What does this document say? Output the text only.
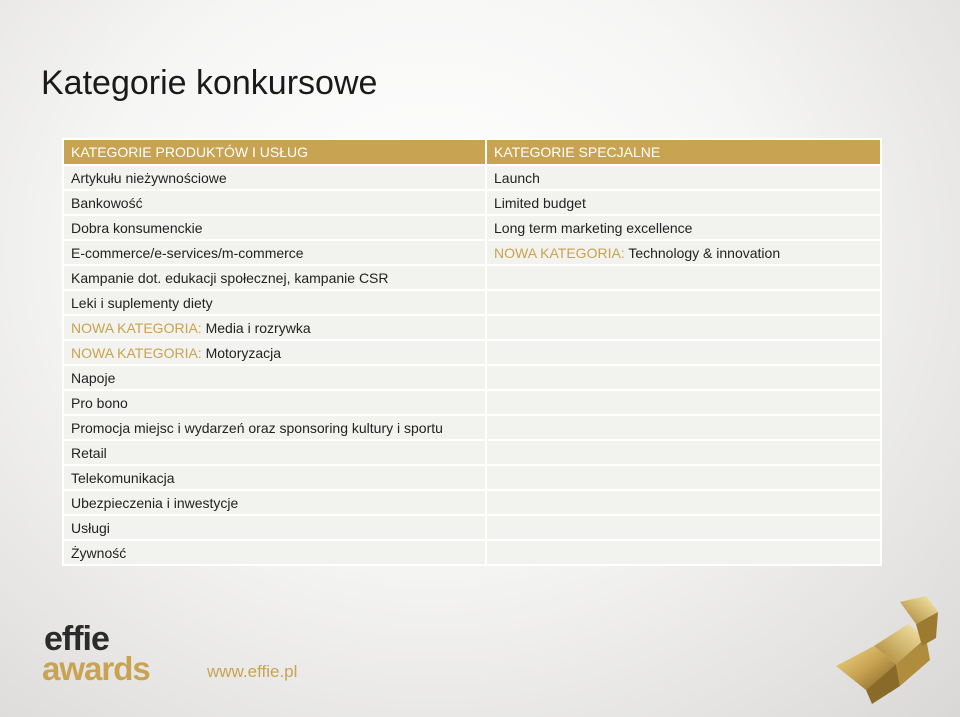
Kategorie konkursowe
KATEGORIE PRODUKTÓW I USŁUG	KATEGORIE SPECJALNE
Artykułu nieżywnościowe	Launch
Bankowość	Limited budget
Dobra konsumenckie	Long term marketing excellence
E-commerce/e-services/m-commerce	NOWA KATEGORIA: Technology & innovation
Kampanie dot. edukacji społecznej, kampanie CSR	
Leki i suplementy diety	
NOWA KATEGORIA: Media i rozrywka	
NOWA KATEGORIA: Motoryzacja	
Napoje	
Pro bono	
Promocja miejsc i wydarzeń oraz sponsoring kultury i sportu	
Retail	
Telekomunikacja	
Ubezpieczenia i inwestycje	
Usługi	
Żywność	
effie
awards	www.effie.pl
